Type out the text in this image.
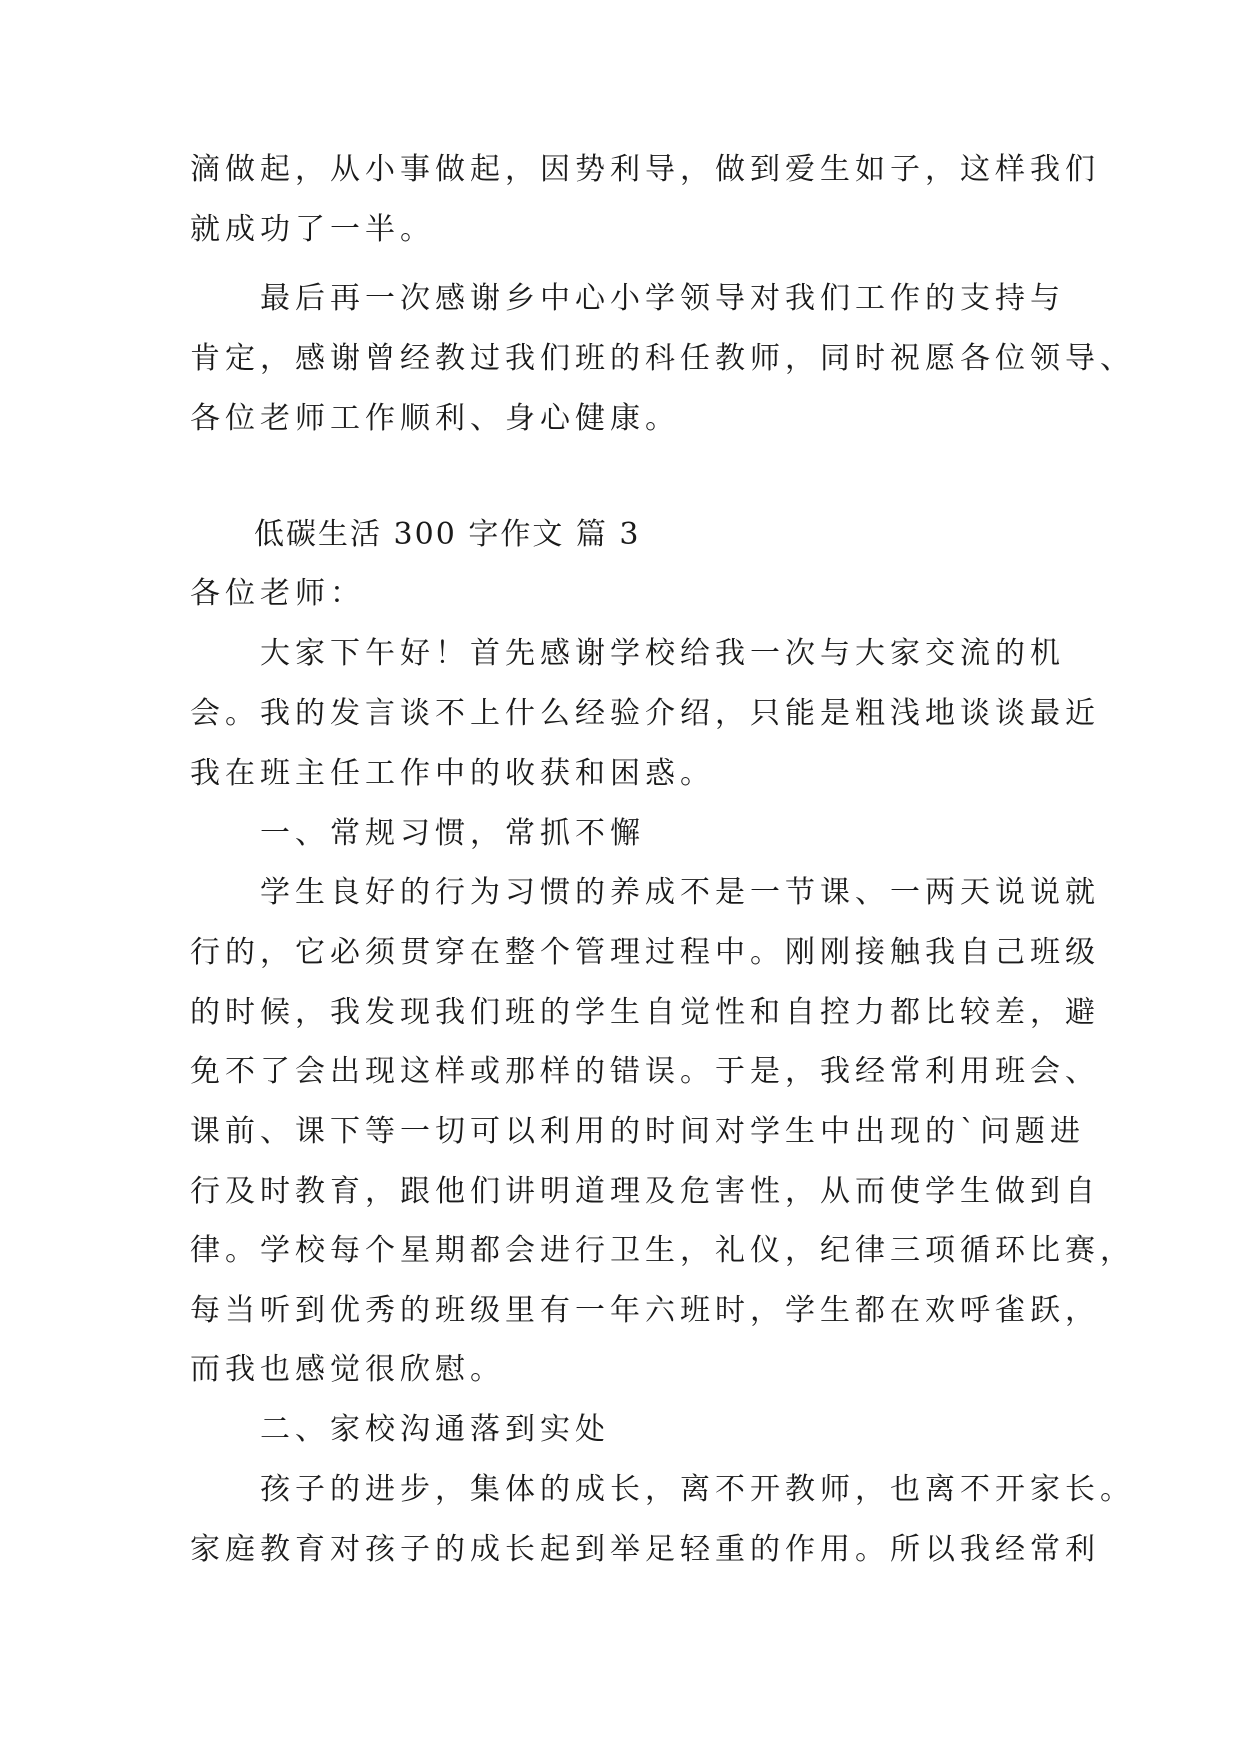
滴做起，从小事做起，因势利导，做到爱生如子，这样我们

就成功了一半。

　　最后再一次感谢乡中心小学领导对我们工作的支持与

肯定，感谢曾经教过我们班的科任教师，同时祝愿各位领导、

各位老师工作顺利、身心健康。

　　低碳生活 300 字作文 篇 3

各位老师：

　　大家下午好！首先感谢学校给我一次与大家交流的机

会。我的发言谈不上什么经验介绍，只能是粗浅地谈谈最近

我在班主任工作中的收获和困惑。

　　一、常规习惯，常抓不懈

　　学生良好的行为习惯的养成不是一节课、一两天说说就

行的，它必须贯穿在整个管理过程中。刚刚接触我自己班级

的时候，我发现我们班的学生自觉性和自控力都比较差，避

免不了会出现这样或那样的错误。于是，我经常利用班会、

课前、课下等一切可以利用的时间对学生中出现的`问题进

行及时教育，跟他们讲明道理及危害性，从而使学生做到自

律。学校每个星期都会进行卫生，礼仪，纪律三项循环比赛，

每当听到优秀的班级里有一年六班时，学生都在欢呼雀跃，

而我也感觉很欣慰。

　　二、家校沟通落到实处

　　孩子的进步，集体的成长，离不开教师，也离不开家长。

家庭教育对孩子的成长起到举足轻重的作用。所以我经常利
